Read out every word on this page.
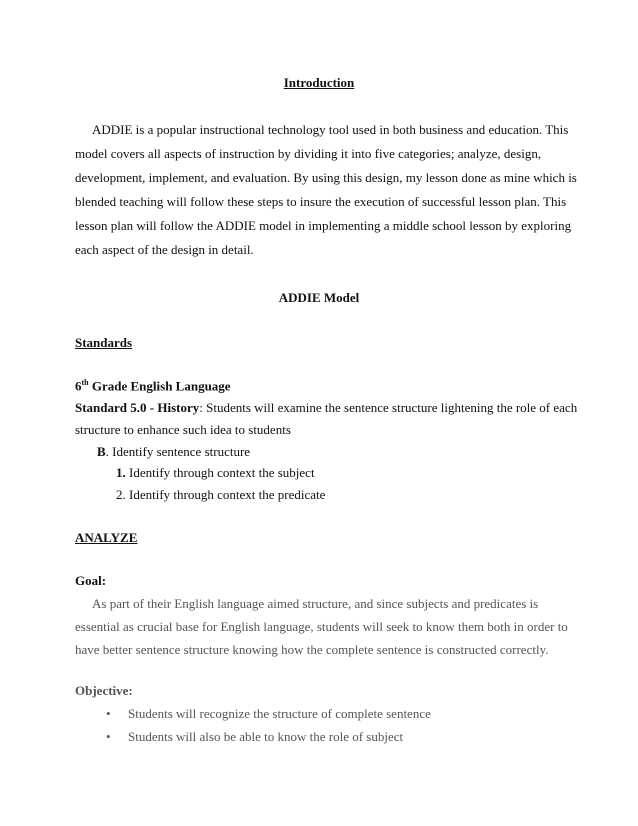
Introduction
ADDIE is a popular instructional technology tool used in both business and education. This
model covers all aspects of instruction by dividing it into five categories; analyze, design,
development, implement, and evaluation. By using this design, my lesson done as mine which is
blended teaching will follow these steps to insure the execution of successful lesson plan. This
lesson plan will follow the ADDIE model in implementing a middle school lesson by exploring
each aspect of the design in detail.
ADDIE Model
Standards
6th Grade English Language
Standard 5.0 - History: Students will examine the sentence structure lightening the role of each
structure to enhance such idea to students
B. Identify sentence structure
1. Identify through context the subject
2. Identify through context the predicate
ANALYZE
Goal:
As part of their English language aimed structure, and since subjects and predicates is
essential as crucial base for English language, students will seek to know them both in order to
have better sentence structure knowing how the complete sentence is constructed correctly.
Objective:
• Students will recognize the structure of complete sentence
• Students will also be able to know the role of subject
